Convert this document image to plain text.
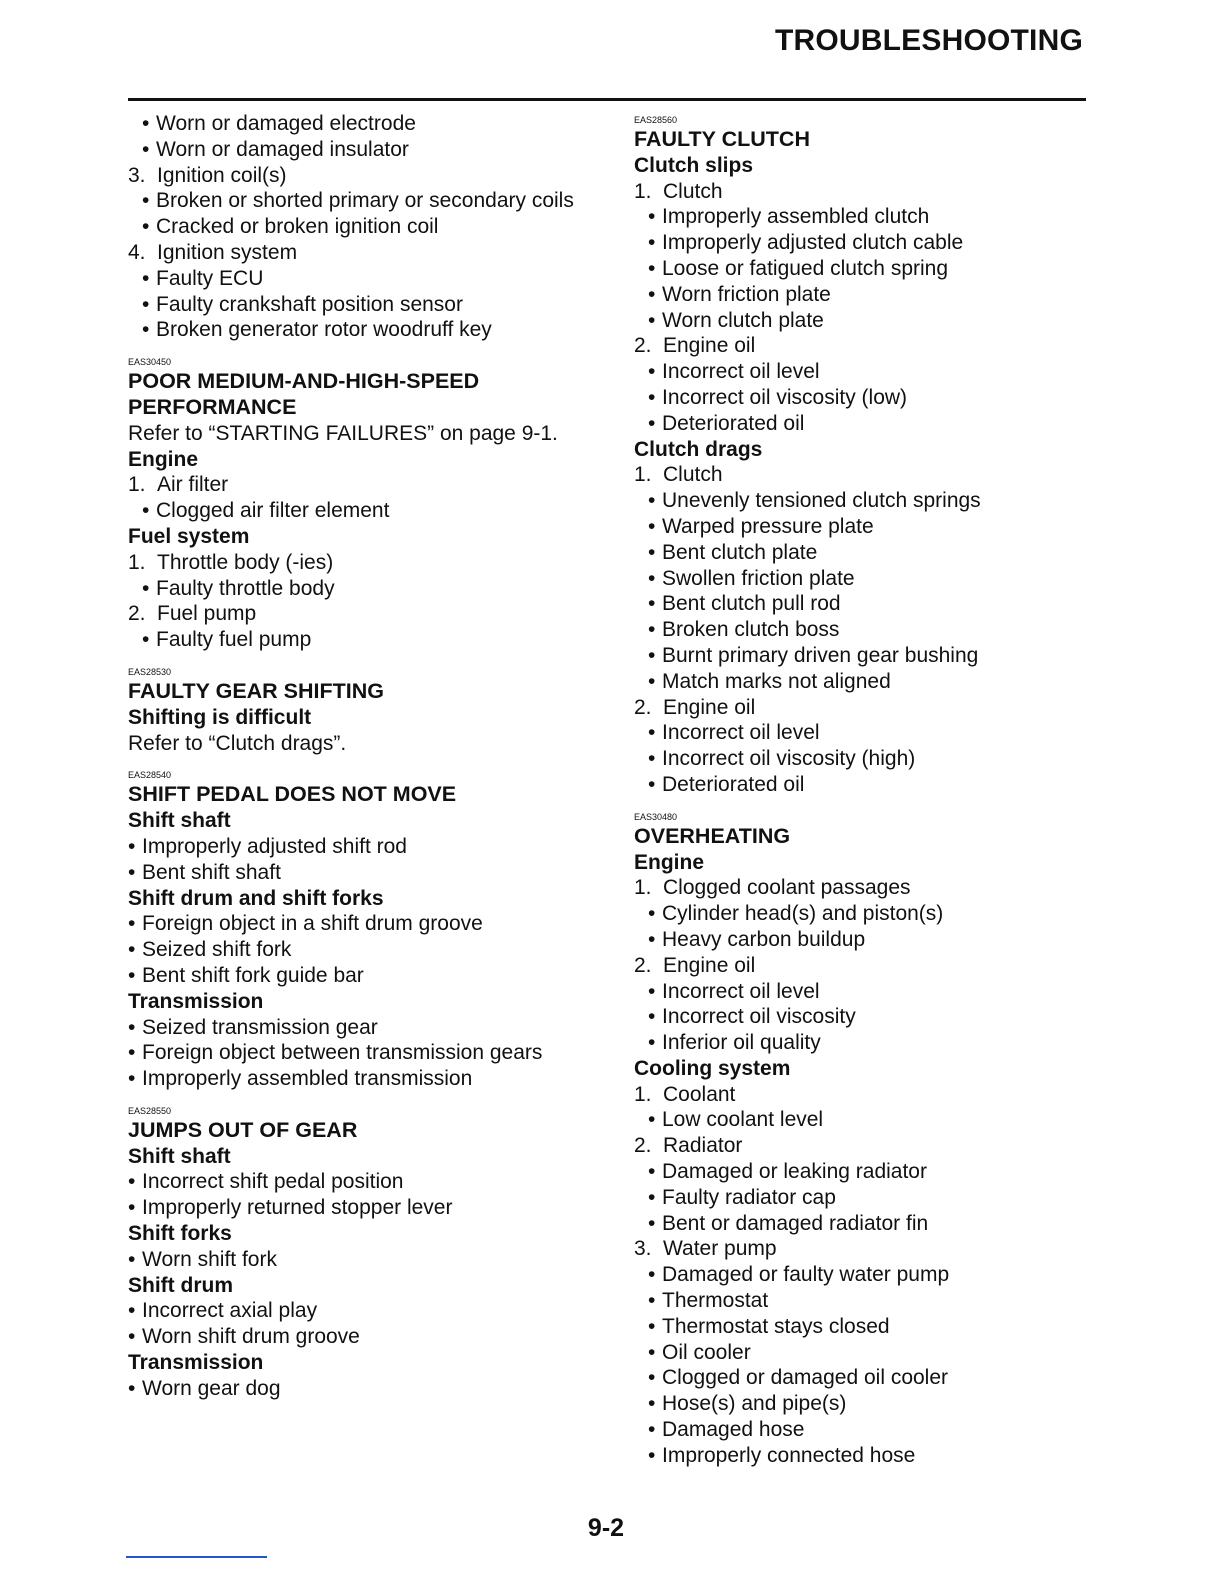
TROUBLESHOOTING
• Worn or damaged electrode
• Worn or damaged insulator
3. Ignition coil(s)
• Broken or shorted primary or secondary coils
• Cracked or broken ignition coil
4. Ignition system
• Faulty ECU
• Faulty crankshaft position sensor
• Broken generator rotor woodruff key
EAS30450
POOR MEDIUM-AND-HIGH-SPEED
PERFORMANCE
Refer to “STARTING FAILURES” on page 9-1.
Engine
1. Air filter
• Clogged air filter element
Fuel system
1. Throttle body (-ies)
• Faulty throttle body
2. Fuel pump
• Faulty fuel pump
EAS28530
FAULTY GEAR SHIFTING
Shifting is difficult
Refer to “Clutch drags”.
EAS28540
SHIFT PEDAL DOES NOT MOVE
Shift shaft
• Improperly adjusted shift rod
• Bent shift shaft
Shift drum and shift forks
• Foreign object in a shift drum groove
• Seized shift fork
• Bent shift fork guide bar
Transmission
• Seized transmission gear
• Foreign object between transmission gears
• Improperly assembled transmission
EAS28550
JUMPS OUT OF GEAR
Shift shaft
• Incorrect shift pedal position
• Improperly returned stopper lever
Shift forks
• Worn shift fork
Shift drum
• Incorrect axial play
• Worn shift drum groove
Transmission
• Worn gear dog
EAS28560
FAULTY CLUTCH
Clutch slips
1. Clutch
• Improperly assembled clutch
• Improperly adjusted clutch cable
• Loose or fatigued clutch spring
• Worn friction plate
• Worn clutch plate
2. Engine oil
• Incorrect oil level
• Incorrect oil viscosity (low)
• Deteriorated oil
Clutch drags
1. Clutch
• Unevenly tensioned clutch springs
• Warped pressure plate
• Bent clutch plate
• Swollen friction plate
• Bent clutch pull rod
• Broken clutch boss
• Burnt primary driven gear bushing
• Match marks not aligned
2. Engine oil
• Incorrect oil level
• Incorrect oil viscosity (high)
• Deteriorated oil
EAS30480
OVERHEATING
Engine
1. Clogged coolant passages
• Cylinder head(s) and piston(s)
• Heavy carbon buildup
2. Engine oil
• Incorrect oil level
• Incorrect oil viscosity
• Inferior oil quality
Cooling system
1. Coolant
• Low coolant level
2. Radiator
• Damaged or leaking radiator
• Faulty radiator cap
• Bent or damaged radiator fin
3. Water pump
• Damaged or faulty water pump
• Thermostat
• Thermostat stays closed
• Oil cooler
• Clogged or damaged oil cooler
• Hose(s) and pipe(s)
• Damaged hose
• Improperly connected hose
9-2
